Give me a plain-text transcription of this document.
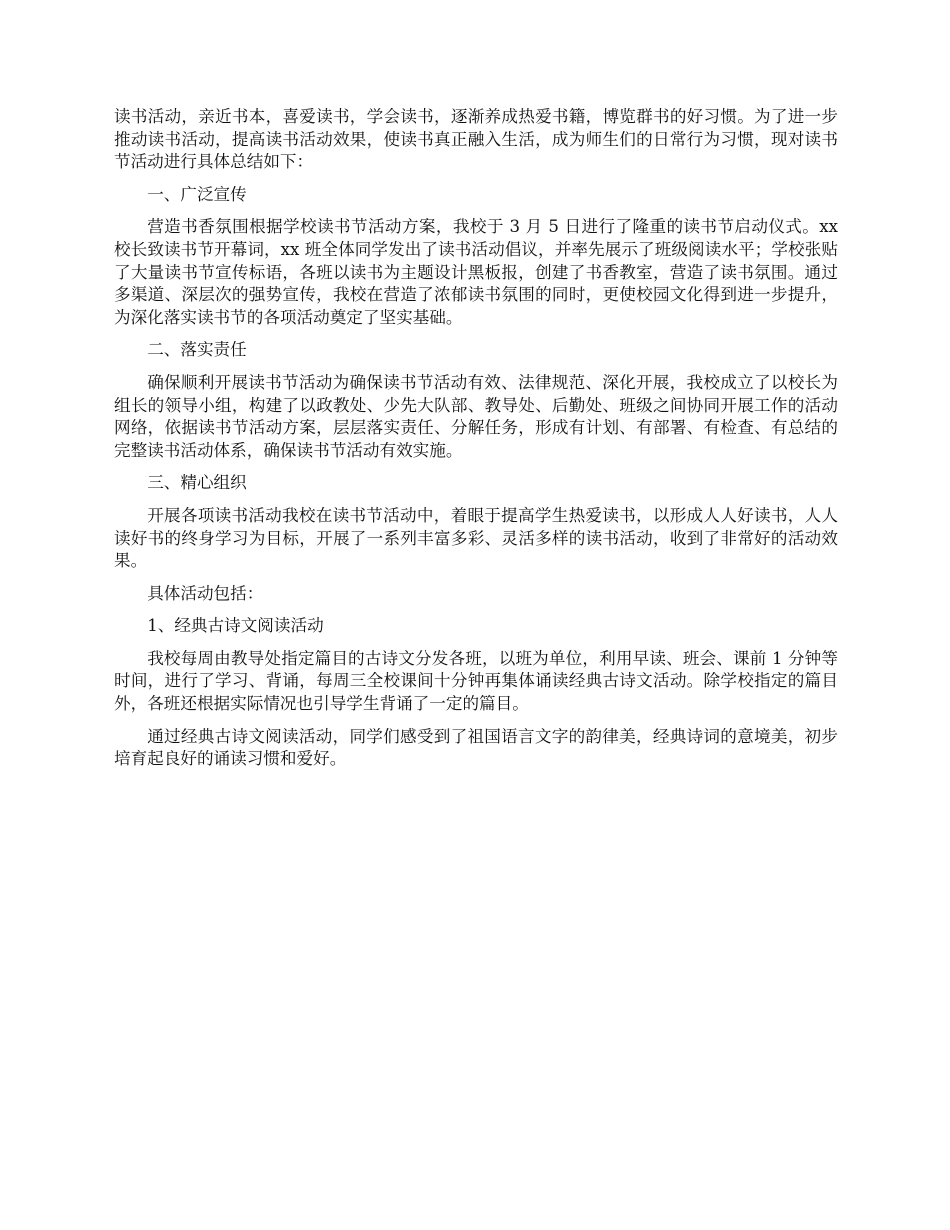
读书活动，亲近书本，喜爱读书，学会读书，逐渐养成热爱书籍，博览群书的好习惯。为了进一步推动读书活动，提高读书活动效果，使读书真正融入生活，成为师生们的日常行为习惯，现对读书节活动进行具体总结如下：

一、广泛宣传

营造书香氛围根据学校读书节活动方案，我校于 3 月 5 日进行了隆重的读书节启动仪式。xx 校长致读书节开幕词，xx 班全体同学发出了读书活动倡议，并率先展示了班级阅读水平；学校张贴了大量读书节宣传标语，各班以读书为主题设计黑板报，创建了书香教室，营造了读书氛围。通过多渠道、深层次的强势宣传，我校在营造了浓郁读书氛围的同时，更使校园文化得到进一步提升，为深化落实读书节的各项活动奠定了坚实基础。

二、落实责任

确保顺利开展读书节活动为确保读书节活动有效、法律规范、深化开展，我校成立了以校长为组长的领导小组，构建了以政教处、少先大队部、教导处、后勤处、班级之间协同开展工作的活动网络，依据读书节活动方案，层层落实责任、分解任务，形成有计划、有部署、有检查、有总结的完整读书活动体系，确保读书节活动有效实施。

三、精心组织

开展各项读书活动我校在读书节活动中，着眼于提高学生热爱读书，以形成人人好读书，人人读好书的终身学习为目标，开展了一系列丰富多彩、灵活多样的读书活动，收到了非常好的活动效果。

具体活动包括：

1、经典古诗文阅读活动

我校每周由教导处指定篇目的古诗文分发各班，以班为单位，利用早读、班会、课前 1 分钟等时间，进行了学习、背诵，每周三全校课间十分钟再集体诵读经典古诗文活动。除学校指定的篇目外，各班还根据实际情况也引导学生背诵了一定的篇目。

通过经典古诗文阅读活动，同学们感受到了祖国语言文字的韵律美，经典诗词的意境美，初步培育起良好的诵读习惯和爱好。
